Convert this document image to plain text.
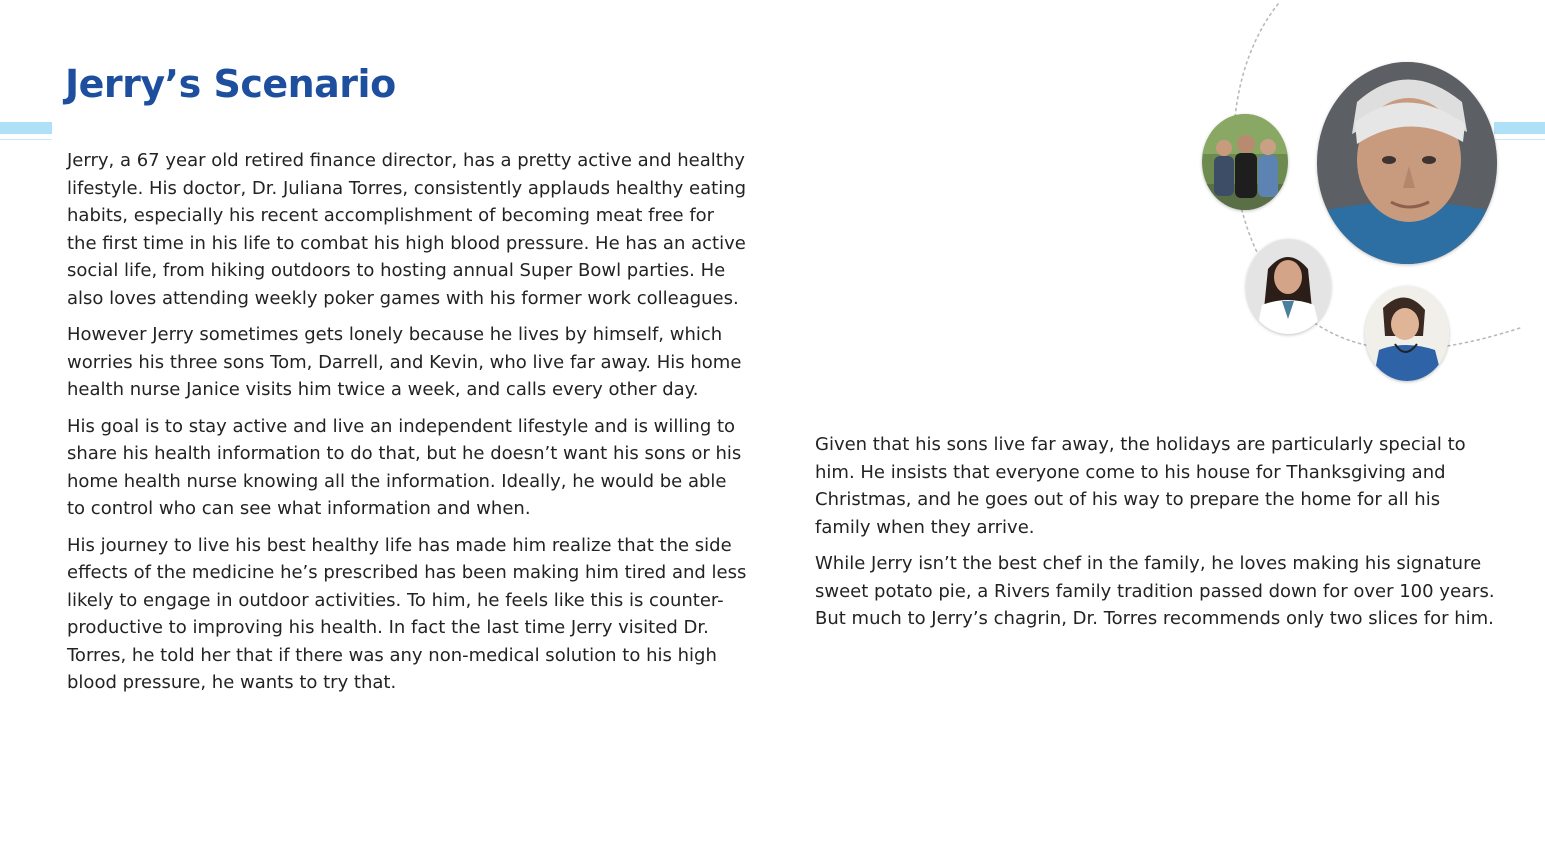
Jerry’s Scenario

Jerry, a 67 year old retired finance director, has a pretty active and healthy lifestyle. His doctor, Dr. Juliana Torres, consistently applauds healthy eating habits, especially his recent accomplishment of becoming meat free for the first time in his life to combat his high blood pressure. He has an active social life, from hiking outdoors to hosting annual Super Bowl parties. He also loves attending weekly poker games with his former work colleagues.

However Jerry sometimes gets lonely because he lives by himself, which worries his three sons Tom, Darrell, and Kevin, who live far away. His home health nurse Janice visits him twice a week, and calls every other day.

His goal is to stay active and live an independent lifestyle and is willing to share his health information to do that, but he doesn’t want his sons or his home health nurse knowing all the information. Ideally, he would be able to control who can see what information and when.

His journey to live his best healthy life has made him realize that the side effects of the medicine he’s prescribed has been making him tired and less likely to engage in outdoor activities. To him, he feels like this is counter-productive to improving his health. In fact the last time Jerry visited Dr. Torres, he told her that if there was any non-medical solution to his high blood pressure, he wants to try that.

Given that his sons live far away, the holidays are particularly special to him. He insists that everyone come to his house for Thanksgiving and Christmas, and he goes out of his way to prepare the home for all his family when they arrive.

While Jerry isn’t the best chef in the family, he loves making his signature sweet potato pie, a Rivers family tradition passed down for over 100 years. But much to Jerry’s chagrin, Dr. Torres recommends only two slices for him.
